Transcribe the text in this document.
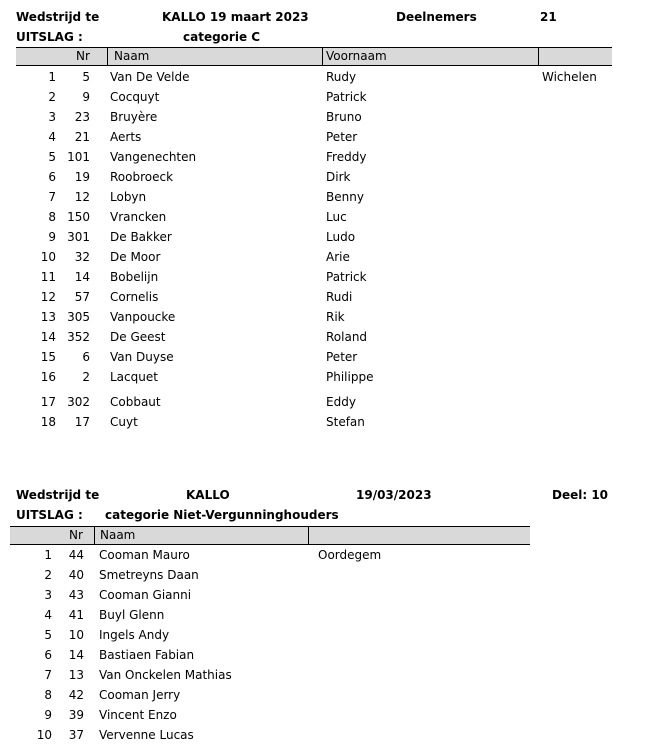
Wedstrijd te	KALLO 19 maart 2023	Deelnemers	21
UITSLAG :	categorie C
Nr Naam	Voornaam
1	5 Van De Velde	Rudy	Wichelen
2	9 Cocquyt	Patrick
3	23 Bruyère	Bruno
4	21 Aerts	Peter
5 101 Vangenechten	Freddy
6	19 Roobroeck	Dirk
7	12 Lobyn	Benny
8 150 Vrancken	Luc
9 301 De Bakker	Ludo
10	32 De Moor	Arie
11	14 Bobelijn	Patrick
12	57 Cornelis	Rudi
13 305 Vanpoucke	Rik
14 352 De Geest	Roland
15	6 Van Duyse	Peter
16	2 Lacquet	Philippe
17 302 Cobbaut	Eddy
18	17 Cuyt	Stefan
Wedstrijd te	KALLO	19/03/2023	Deel: 10
UITSLAG : categorie Niet-Vergunninghouders
Nr Naam
1	44 Cooman Mauro	Oordegem
2	40 Smetreyns Daan
3	43 Cooman Gianni
4	41 Buyl Glenn
5	10 Ingels Andy
6	14 Bastiaen Fabian
7	13 Van Onckelen Mathias
8	42 Cooman Jerry
9	39 Vincent Enzo
10	37 Vervenne Lucas
